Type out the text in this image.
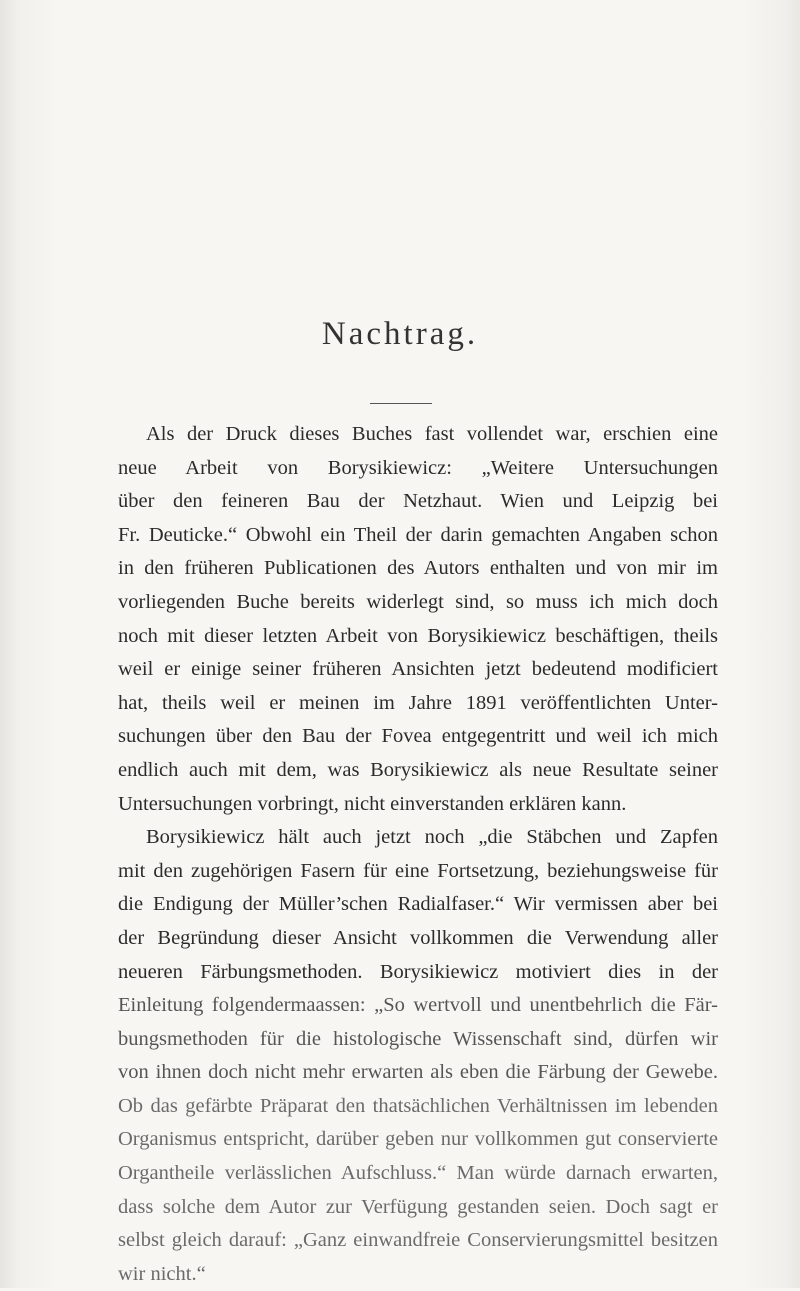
Nachtrag.
Als der Druck dieses Buches fast vollendet war, erschien eine
neue Arbeit von Borysikiewicz: „Weitere Untersuchungen
über den feineren Bau der Netzhaut. Wien und Leipzig bei
Fr. Deuticke.“ Obwohl ein Theil der darin gemachten Angaben schon
in den früheren Publicationen des Autors enthalten und von mir im
vorliegenden Buche bereits widerlegt sind, so muss ich mich doch
noch mit dieser letzten Arbeit von Borysikiewicz beschäftigen, theils
weil er einige seiner früheren Ansichten jetzt bedeutend modificiert
hat, theils weil er meinen im Jahre 1891 veröffentlichten Unter-
suchungen über den Bau der Fovea entgegentritt und weil ich mich
endlich auch mit dem, was Borysikiewicz als neue Resultate seiner
Untersuchungen vorbringt, nicht einverstanden erklären kann.
Borysikiewicz hält auch jetzt noch „die Stäbchen und Zapfen
mit den zugehörigen Fasern für eine Fortsetzung, beziehungsweise für
die Endigung der Müller’schen Radialfaser.“ Wir vermissen aber bei
der Begründung dieser Ansicht vollkommen die Verwendung aller
neueren Färbungsmethoden. Borysikiewicz motiviert dies in der
Einleitung folgendermaassen: „So wertvoll und unentbehrlich die Fär-
bungsmethoden für die histologische Wissenschaft sind, dürfen wir
von ihnen doch nicht mehr erwarten als eben die Färbung der Gewebe.
Ob das gefärbte Präparat den thatsächlichen Verhältnissen im lebenden
Organismus entspricht, darüber geben nur vollkommen gut conservierte
Organtheile verlässlichen Aufschluss.“ Man würde darnach erwarten,
dass solche dem Autor zur Verfügung gestanden seien. Doch sagt er
selbst gleich darauf: „Ganz einwandfreie Conservierungsmittel besitzen
wir nicht.“
